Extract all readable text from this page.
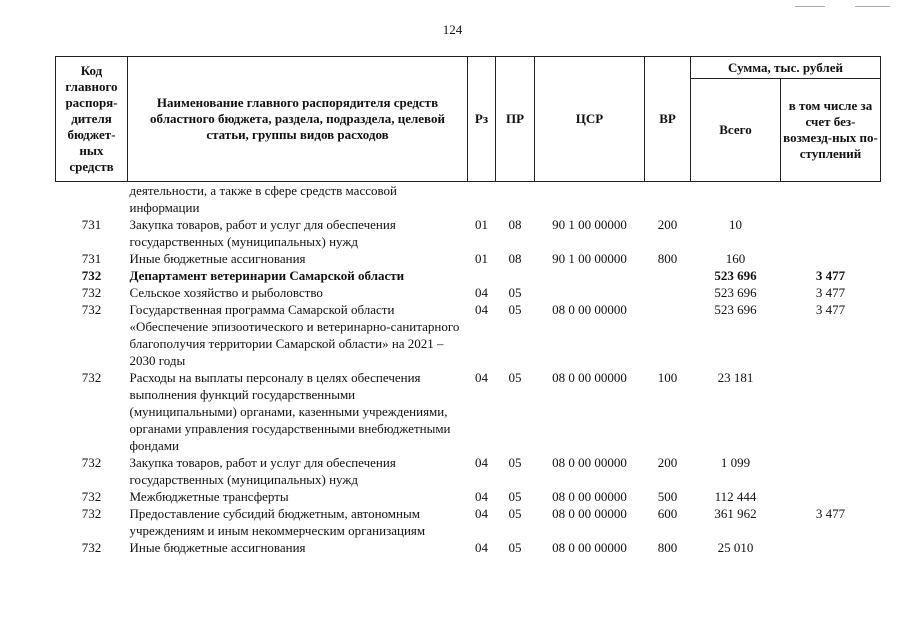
124
Код главного распоря-дителя бюджет-ных средств	Наименование главного распорядителя средств областного бюджета, раздела, подраздела, целевой статьи, группы видов расходов	Рз	ПР	ЦСР	ВР	Сумма, тыс. рублей	
						Всего	в том числе за счет без-возмезд-ных по-ступлений
	деятельности, а также в сфере средств массовой информации						
731	Закупка товаров, работ и услуг для обеспечения государственных (муниципальных) нужд	01	08	90 1 00 00000	200	10	
731	Иные бюджетные ассигнования	01	08	90 1 00 00000	800	160	
732	Департамент ветеринарии Самарской области					523 696	3 477
732	Сельское хозяйство и рыболовство	04	05			523 696	3 477
732	Государственная программа Самарской области «Обеспечение эпизоотического и ветеринарно-санитарного благополучия территории Самарской области» на 2021 – 2030 годы	04	05	08 0 00 00000		523 696	3 477
732	Расходы на выплаты персоналу в целях обеспечения выполнения функций государственными (муниципальными) органами, казенными учреждениями, органами управления государственными внебюджетными фондами	04	05	08 0 00 00000	100	23 181	
732	Закупка товаров, работ и услуг для обеспечения государственных (муниципальных) нужд	04	05	08 0 00 00000	200	1 099	
732	Межбюджетные трансферты	04	05	08 0 00 00000	500	112 444	
732	Предоставление субсидий бюджетным, автономным учреждениям и иным некоммерческим организациям	04	05	08 0 00 00000	600	361 962	3 477
732	Иные бюджетные ассигнования	04	05	08 0 00 00000	800	25 010	
